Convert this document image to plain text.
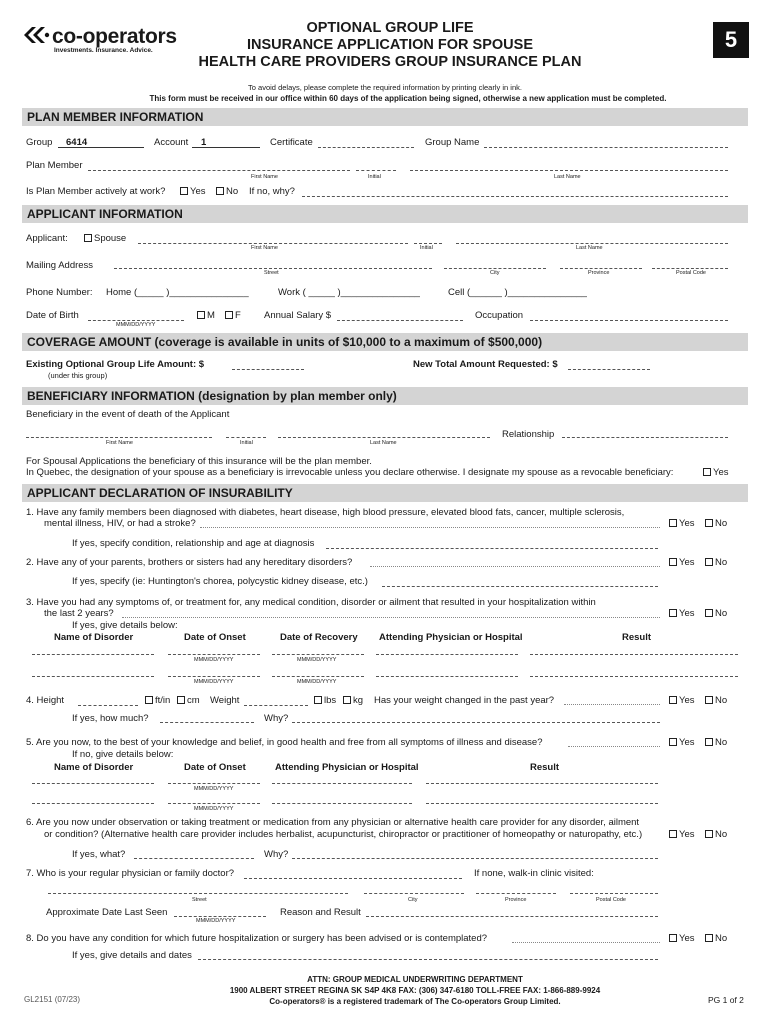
co-operators
Investments. Insurance. Advice.
OPTIONAL GROUP LIFE
INSURANCE APPLICATION FOR SPOUSE
HEALTH CARE PROVIDERS GROUP INSURANCE PLAN
5
To avoid delays, please complete the required information by printing clearly in ink.
This form must be received in our office within 60 days of the application being signed, otherwise a new application must be completed.
PLAN MEMBER INFORMATION
Group 6414	Account 1	Certificate	Group Name
Plan Member
First Name	Initial	Last Name
Is Plan Member actively at work?	Yes	No If no, why?
APPLICANT INFORMATION
Applicant:	Spouse
First Name	Initial	Last Name
Mailing Address
Street	City	Province	Postal Code
Phone Number: Home (_____ )_______________	Work ( _____ )_______________	Cell (______ )_______________
Date of Birth
MMM/DD/YYYY
M	F Annual Salary $	Occupation
COVERAGE AMOUNT (coverage is available in units of $10,000 to a maximum of $500,000)
Existing Optional Group Life Amount: $
(under this group)
New Total Amount Requested: $
BENEFICIARY INFORMATION (designation by plan member only)
Beneficiary in the event of death of the Applicant
First Name	Initial	Last Name
Relationship
For Spousal Applications the beneficiary of this insurance will be the plan member.
In Quebec, the designation of your spouse as a beneficiary is irrevocable unless you declare otherwise. I designate my spouse as a revocable beneficiary:	Yes
APPLICANT DECLARATION OF INSURABILITY
1. Have any family members been diagnosed with diabetes, heart disease, high blood pressure, elevated blood fats, cancer, multiple sclerosis,
mental illness, HIV, or had a stroke?	Yes	No
If yes, specify condition, relationship and age at diagnosis
2. Have any of your parents, brothers or sisters had any hereditary disorders?	Yes	No
If yes, specify (ie: Huntington's chorea, polycystic kidney disease, etc.)
3. Have you had any symptoms of, or treatment for, any medical condition, disorder or ailment that resulted in your hospitalization within
the last 2 years?	Yes	No
If yes, give details below:
Name of Disorder	Date of Onset	Date of Recovery Attending Physician or Hospital	Result
MMM/DD/YYYY	MMM/DD/YYYY
MMM/DD/YYYY	MMM/DD/YYYY
4. Height	ft/in	cm Weight	lbs	kg Has your weight changed in the past year?	Yes	No
If yes, how much?	Why?
5. Are you now, to the best of your knowledge and belief, in good health and free from all symptoms of illness and disease?	Yes	No
If no, give details below:
Name of Disorder	Date of Onset	Attending Physician or Hospital	Result
MMM/DD/YYYY
MMM/DD/YYYY
6. Are you now under observation or taking treatment or medication from any physician or alternative health care provider for any disorder, ailment
or condition? (Alternative health care provider includes herbalist, acupuncturist, chiropractor or practitioner of homeopathy or naturopathy, etc.)	Yes	No
If yes, what?	Why?
7. Who is your regular physician or family doctor?	If none, walk-in clinic visited:
Street	City	Province	Postal Code
Approximate Date Last Seen
MMM/DD/YYYY
Reason and Result
8. Do you have any condition for which future hospitalization or surgery has been advised or is contemplated?	Yes	No
If yes, give details and dates
ATTN: GROUP MEDICAL UNDERWRITING DEPARTMENT
1900 ALBERT STREET REGINA SK S4P 4K8 FAX: (306) 347-6180 TOLL-FREE FAX: 1-866-889-9924
Co-operators® is a registered trademark of The Co-operators Group Limited.
GL2151 (07/23)	PG 1 of 2
